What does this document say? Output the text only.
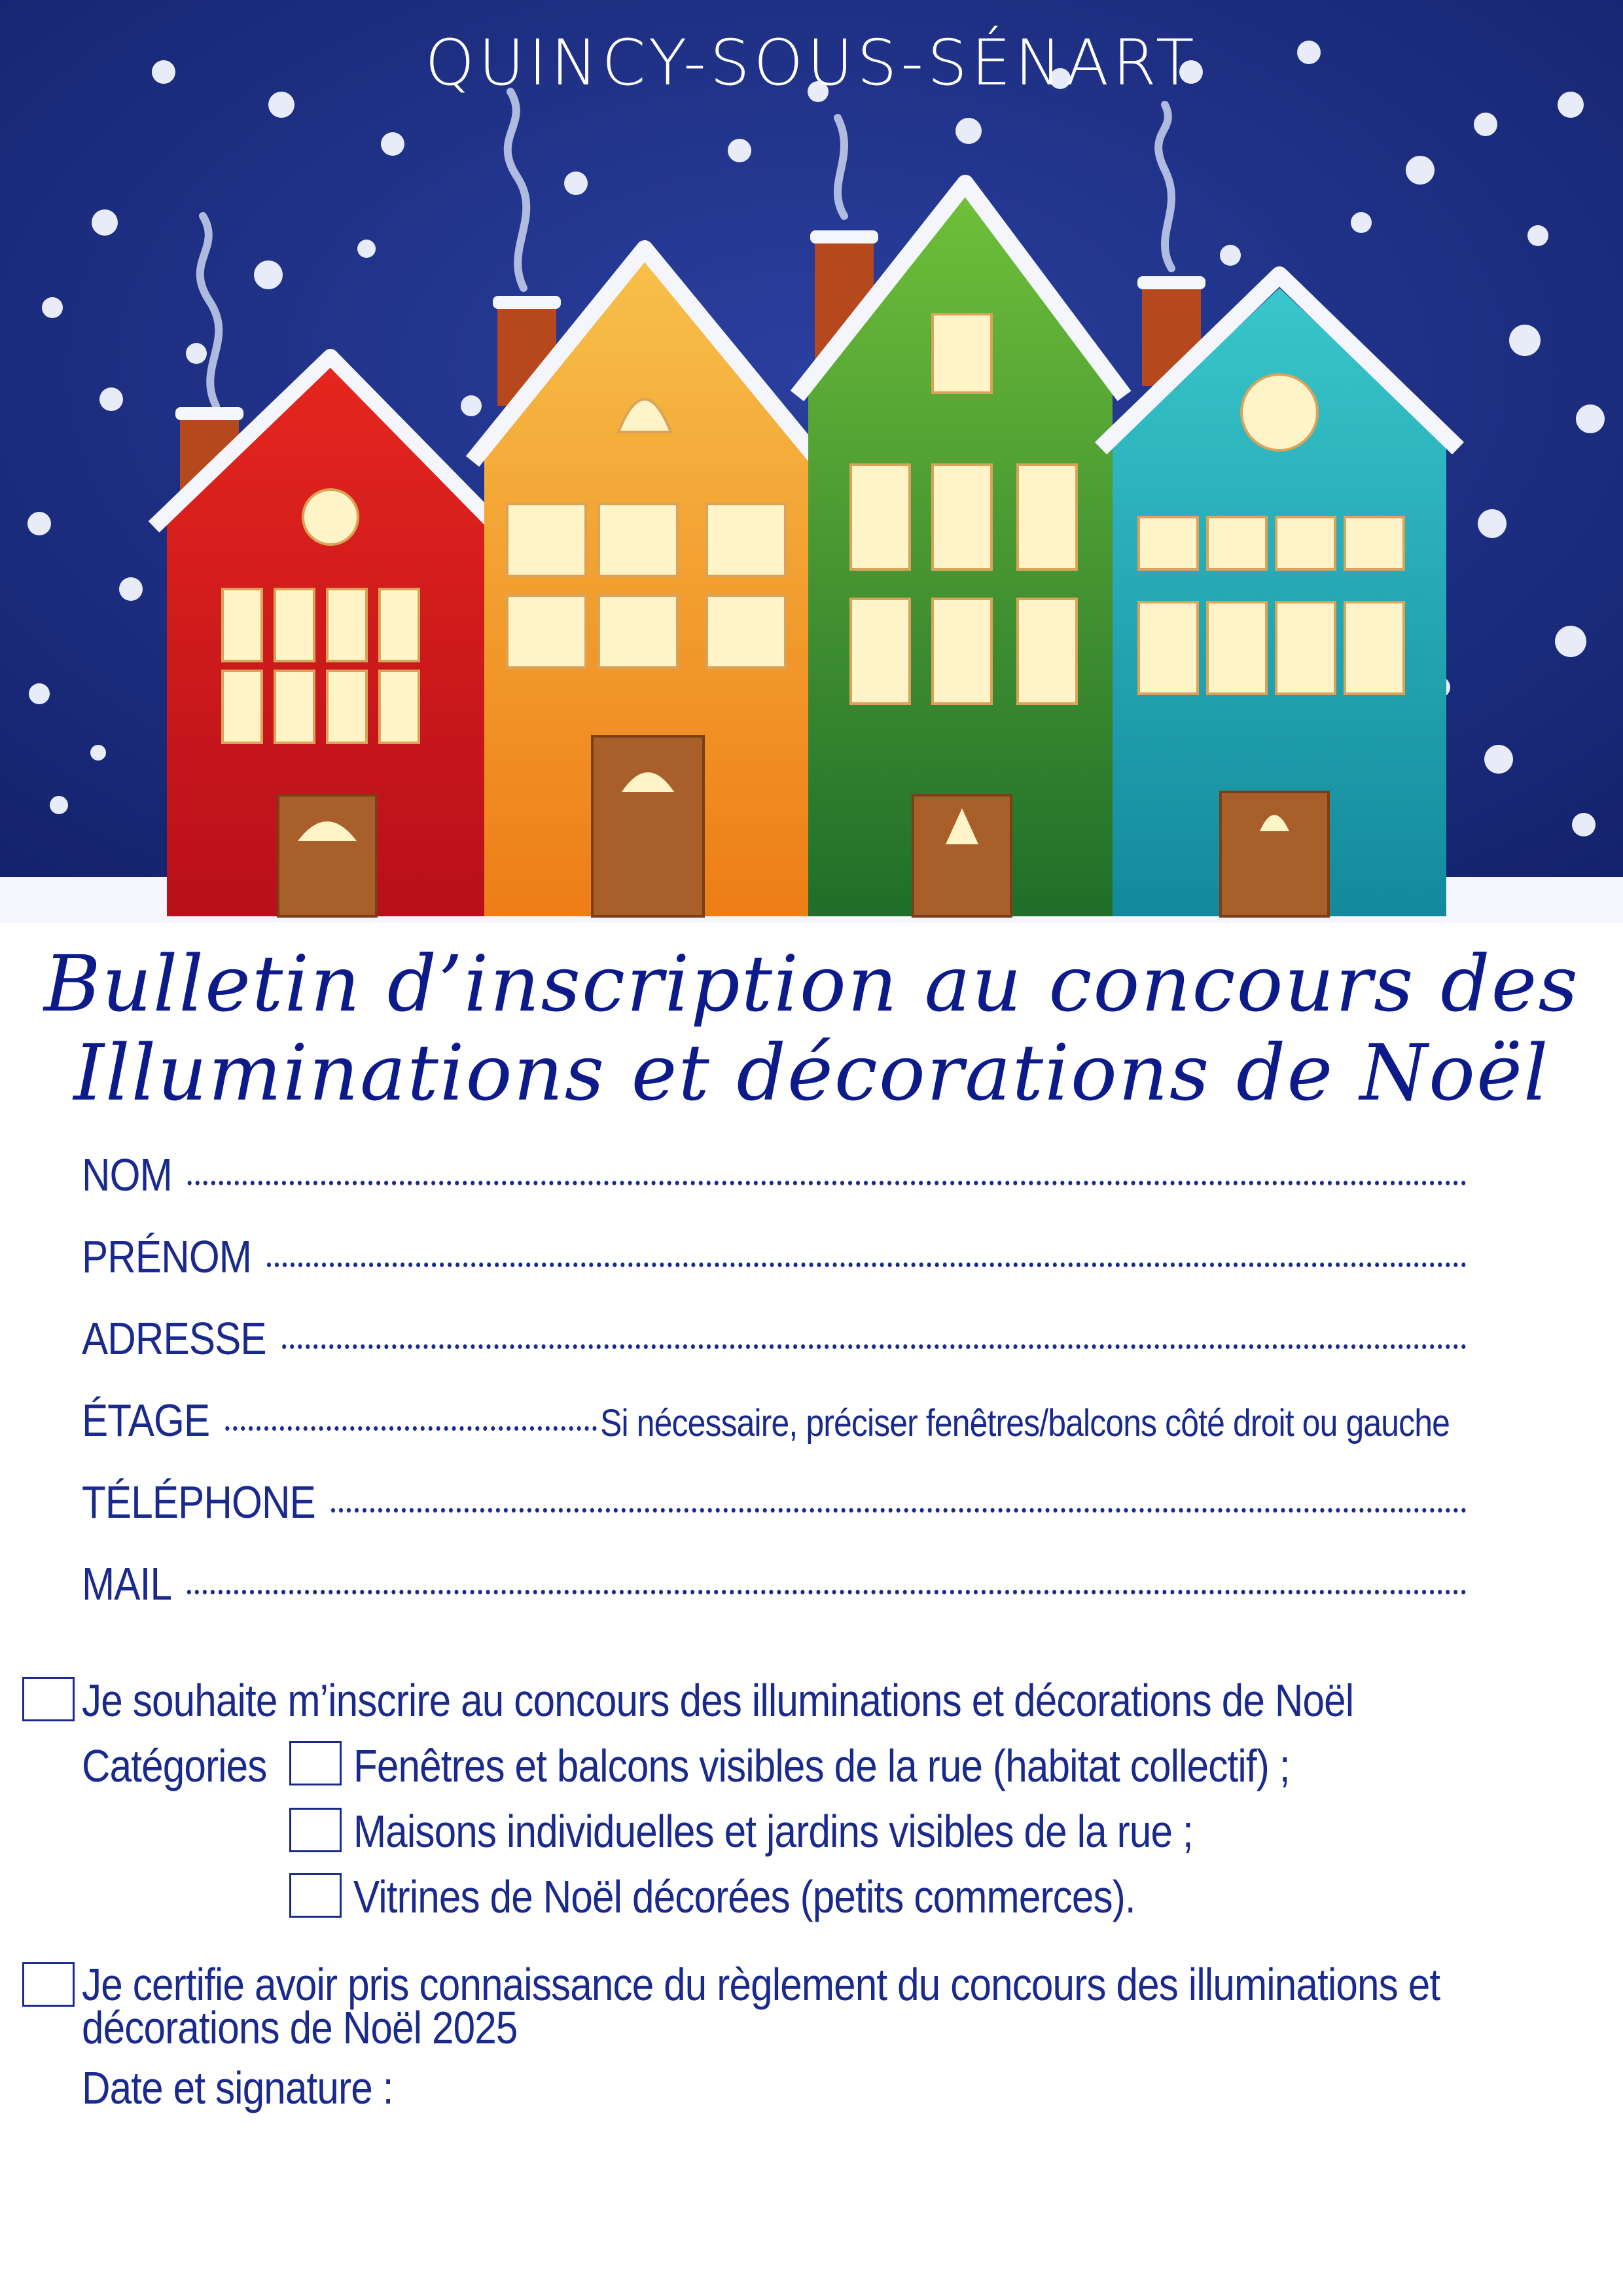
QUINCY-SOUS-SÉNART
Bulletin d’inscription au concours des
Illuminations et décorations de Noël
NOM
PRÉNOM
ADRESSE
ÉTAGE	Si nécessaire, préciser fenêtres/balcons côté droit ou gauche
TÉLÉPHONE
MAIL
Je souhaite m’inscrire au concours des illuminations et décorations de Noël
Catégories Fenêtres et balcons visibles de la rue (habitat collectif) ;
Maisons individuelles et jardins visibles de la rue ;
Vitrines de Noël décorées (petits commerces).
Je certifie avoir pris connaissance du règlement du concours des illuminations et
décorations de Noël 2025
Date et signature :
